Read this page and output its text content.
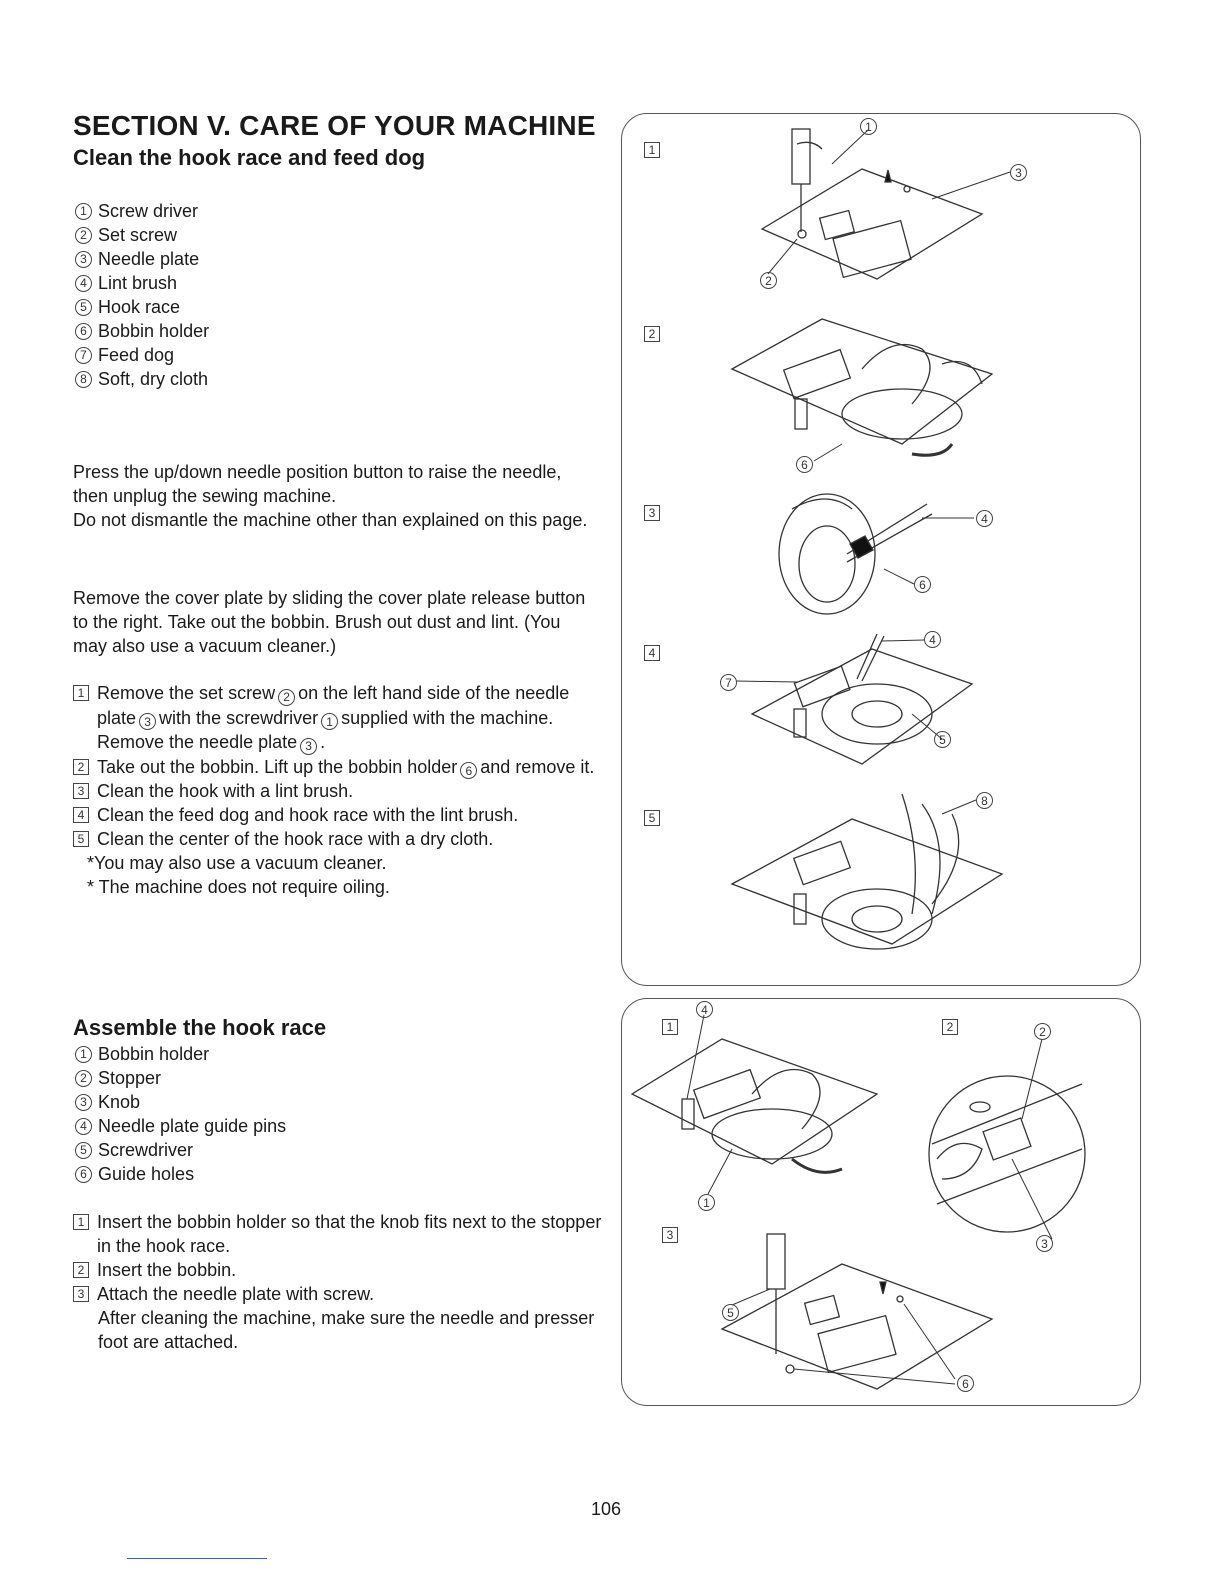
SECTION V. CARE OF YOUR MACHINE
Clean the hook race and feed dog
1 Screw driver
2 Set screw
3 Needle plate
4 Lint brush
5 Hook race
6 Bobbin holder
7 Feed dog
8 Soft, dry cloth
Press the up/down needle position button to raise the needle, then unplug the sewing machine.
Do not dismantle the machine other than explained on this page.
Remove the cover plate by sliding the cover plate release button to the right. Take out the bobbin. Brush out dust and lint. (You may also use a vacuum cleaner.)
1 Remove the set screw 2 on the left hand side of the needle plate 3 with the screwdriver 1 supplied with the machine. Remove the needle plate 3 .
2 Take out the bobbin. Lift up the bobbin holder 6 and remove it.
3 Clean the hook with a lint brush.
4 Clean the feed dog and hook race with the lint brush.
5 Clean the center of the hook race with a dry cloth.
*You may also use a vacuum cleaner.
* The machine does not require oiling.
Assemble the hook race
1 Bobbin holder
2 Stopper
3 Knob
4 Needle plate guide pins
5 Screwdriver
6 Guide holes
1 Insert the bobbin holder so that the knob fits next to the stopper in the hook race.
2 Insert the bobbin.
3 Attach the needle plate with screw.
After cleaning the machine, make sure the needle and presser foot are attached.
1
2
3
4
5
1
3
2
6
4
6
4
7
5
8
1	2
3
4
2
1
3
5
6
106
